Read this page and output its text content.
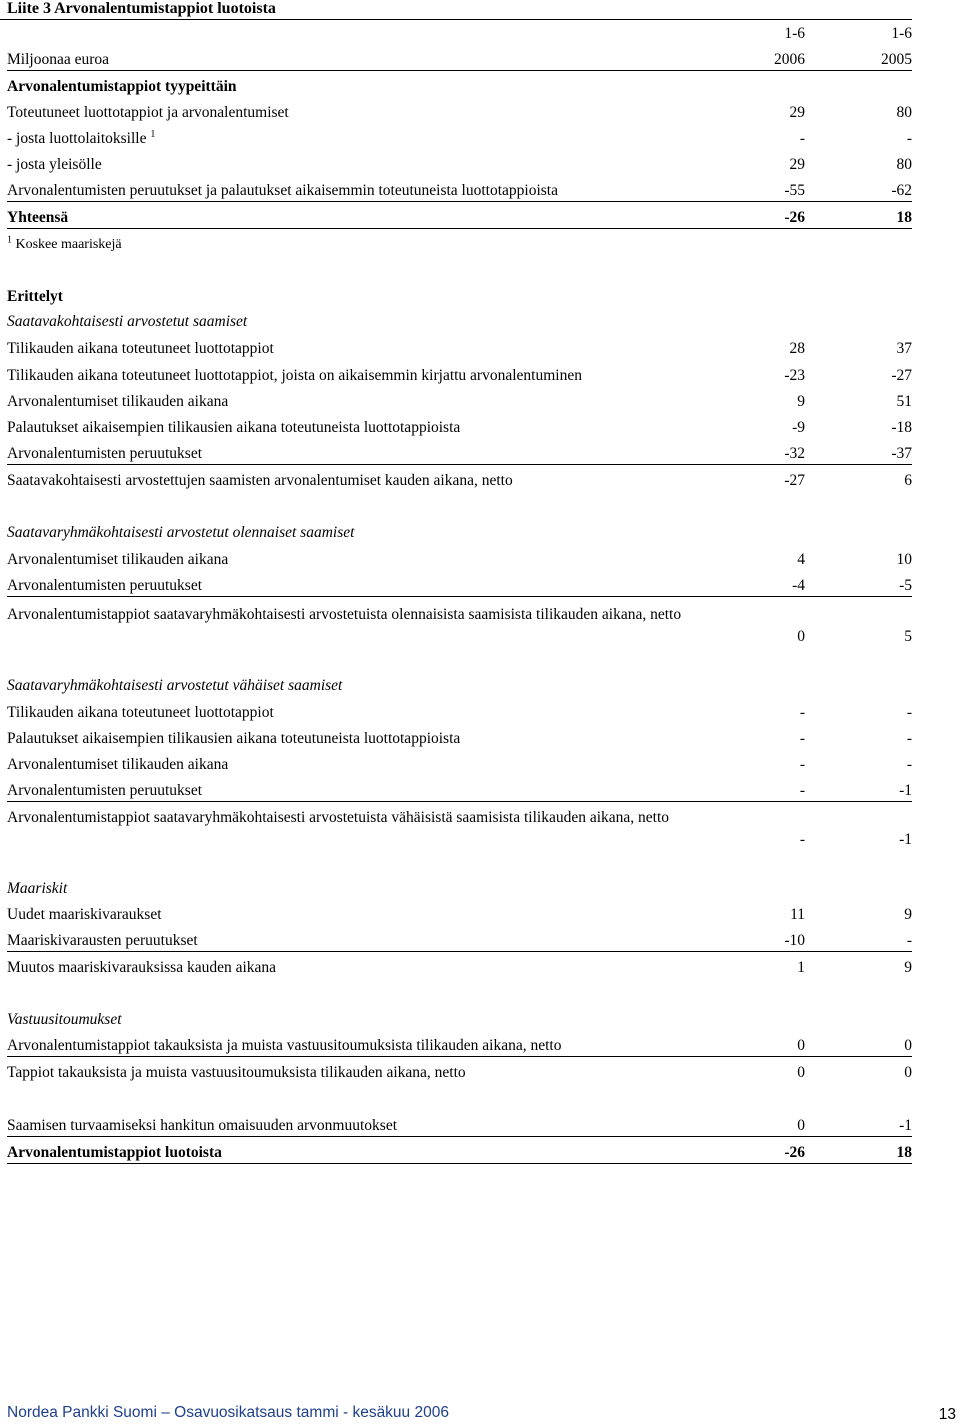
Liite 3 Arvonalentumistappiot luotoista
1-6	1-6
Miljoonaa euroa	2006	2005
Arvonalentumistappiot tyypeittäin
Toteutuneet luottotappiot ja arvonalentumiset	29	80
- josta luottolaitoksille $^1$	-	-
- josta yleisölle	29	80
Arvonalentumisten peruutukset ja palautukset aikaisemmin toteutuneista luottotappioista	-55	-62
Yhteensä	-26	18
$^1$ Koskee maariskejä
Erittelyt
Saatavakohtaisesti arvostetut saamiset
Tilikauden aikana toteutuneet luottotappiot	28	37
Tilikauden aikana toteutuneet luottotappiot, joista on aikaisemmin kirjattu arvonalentuminen	-23	-27
Arvonalentumiset tilikauden aikana	9	51
Palautukset aikaisempien tilikausien aikana toteutuneista luottotappioista	-9	-18
Arvonalentumisten peruutukset	-32	-37
Saatavakohtaisesti arvostettujen saamisten arvonalentumiset kauden aikana, netto	-27	6
Saatavaryhmäkohtaisesti arvostetut olennaiset saamiset
Arvonalentumiset tilikauden aikana	4	10
Arvonalentumisten peruutukset	-4	-5
Arvonalentumistappiot saatavaryhmäkohtaisesti arvostetuista olennaisista saamisista tilikauden aikana, netto
0	5
Saatavaryhmäkohtaisesti arvostetut vähäiset saamiset
Tilikauden aikana toteutuneet luottotappiot	-	-
Palautukset aikaisempien tilikausien aikana toteutuneista luottotappioista	-	-
Arvonalentumiset tilikauden aikana	-	-
Arvonalentumisten peruutukset	-	-1
Arvonalentumistappiot saatavaryhmäkohtaisesti arvostetuista vähäisistä saamisista tilikauden aikana, netto
-	-1
Maariskit
Uudet maariskivaraukset	11	9
Maariskivarausten peruutukset	-10	-
Muutos maariskivarauksissa kauden aikana	1	9
Vastuusitoumukset
Arvonalentumistappiot takauksista ja muista vastuusitoumuksista tilikauden aikana, netto	0	0
Tappiot takauksista ja muista vastuusitoumuksista tilikauden aikana, netto	0	0
Saamisen turvaamiseksi hankitun omaisuuden arvonmuutokset	0	-1
Arvonalentumistappiot luotoista	-26	18
Nordea Pankki Suomi – Osavuosikatsaus tammi - kesäkuu 2006	13
